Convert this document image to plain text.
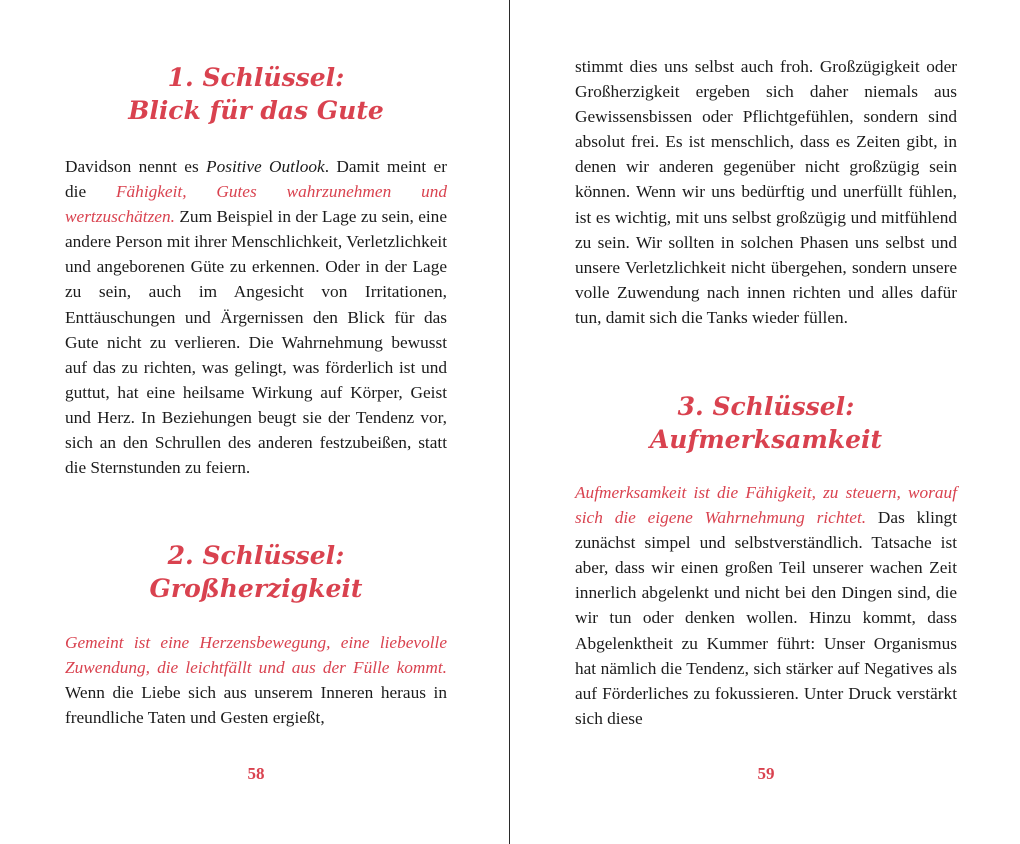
1. Schlüssel:
Blick für das Gute

Davidson nennt es Positive Outlook. Damit meint er die Fähigkeit, Gutes wahrzunehmen und wertzuschätzen. Zum Beispiel in der Lage zu sein, eine andere Person mit ihrer Menschlichkeit, Verletzlichkeit und angeborenen Güte zu erkennen. Oder in der Lage zu sein, auch im Angesicht von Irritationen, Enttäuschungen und Ärgernissen den Blick für das Gute nicht zu verlieren. Die Wahrnehmung bewusst auf das zu richten, was gelingt, was förderlich ist und guttut, hat eine heilsame Wirkung auf Körper, Geist und Herz. In Beziehungen beugt sie der Tendenz vor, sich an den Schrullen des anderen festzubeißen, statt die Sternstunden zu feiern.

2. Schlüssel:
Großherzigkeit

Gemeint ist eine Herzensbewegung, eine liebevolle Zuwendung, die leichtfällt und aus der Fülle kommt. Wenn die Liebe sich aus unserem Inneren heraus in freundliche Taten und Gesten ergießt,

58

stimmt dies uns selbst auch froh. Großzügigkeit oder Großherzigkeit ergeben sich daher niemals aus Gewissensbissen oder Pflichtgefühlen, sondern sind absolut frei. Es ist menschlich, dass es Zeiten gibt, in denen wir anderen gegenüber nicht großzügig sein können. Wenn wir uns bedürftig und unerfüllt fühlen, ist es wichtig, mit uns selbst großzügig und mitfühlend zu sein. Wir sollten in solchen Phasen uns selbst und unsere Verletzlichkeit nicht übergehen, sondern unsere volle Zuwendung nach innen richten und alles dafür tun, damit sich die Tanks wieder füllen.

3. Schlüssel:
Aufmerksamkeit

Aufmerksamkeit ist die Fähigkeit, zu steuern, worauf sich die eigene Wahrnehmung richtet. Das klingt zunächst simpel und selbstverständlich. Tatsache ist aber, dass wir einen großen Teil unserer wachen Zeit innerlich abgelenkt und nicht bei den Dingen sind, die wir tun oder denken wollen. Hinzu kommt, dass Abgelenktheit zu Kummer führt: Unser Organismus hat nämlich die Tendenz, sich stärker auf Negatives als auf Förderliches zu fokussieren. Unter Druck verstärkt sich diese

59
